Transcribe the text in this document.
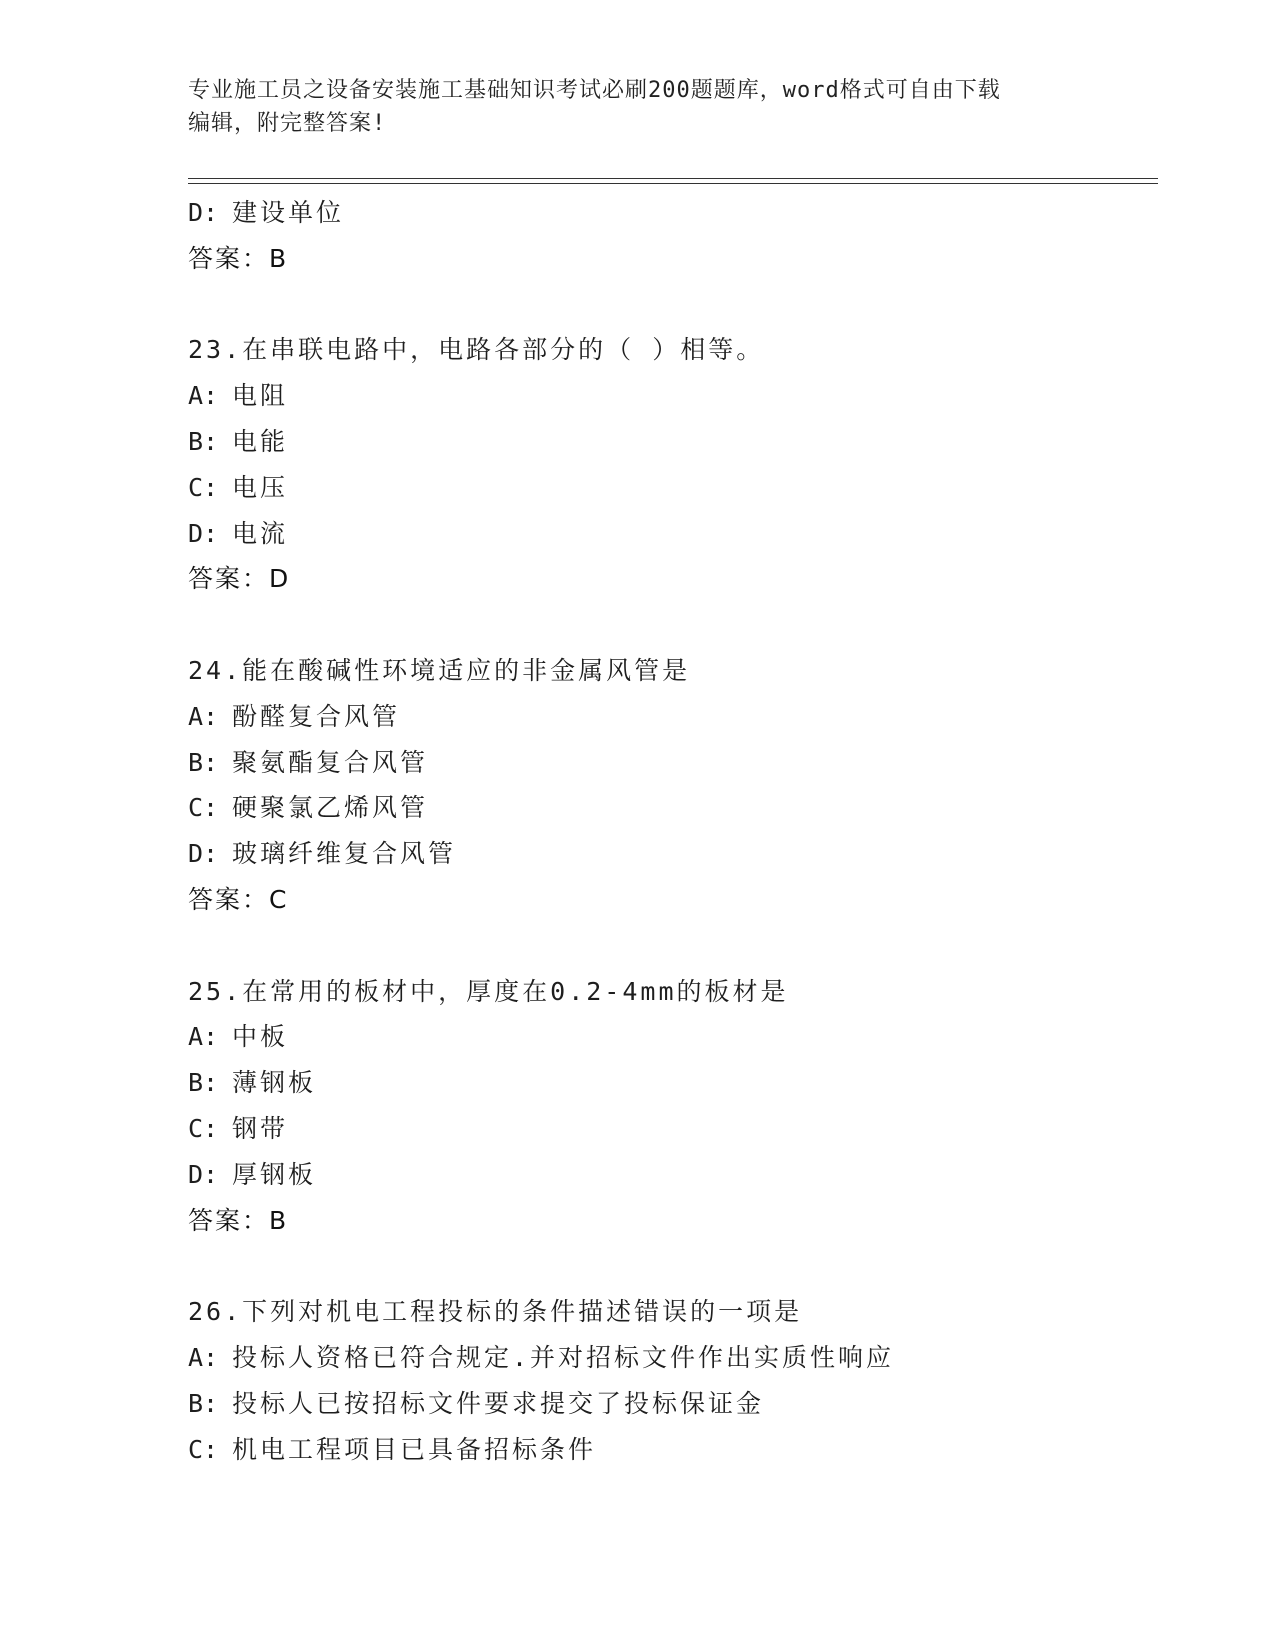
专业施工员之设备安装施工基础知识考试必刷200题题库，word格式可自由下载
编辑，附完整答案!
D: 建设单位
答案：B
23.在串联电路中，电路各部分的（ ）相等。
A: 电阻
B: 电能
C: 电压
D: 电流
答案：D
24.能在酸碱性环境适应的非金属风管是
A: 酚醛复合风管
B: 聚氨酯复合风管
C: 硬聚氯乙烯风管
D: 玻璃纤维复合风管
答案：C
25.在常用的板材中，厚度在0.2-4mm的板材是
A: 中板
B: 薄钢板
C: 钢带
D: 厚钢板
答案：B
26.下列对机电工程投标的条件描述错误的一项是
A: 投标人资格已符合规定.并对招标文件作出实质性响应
B: 投标人已按招标文件要求提交了投标保证金
C: 机电工程项目已具备招标条件
